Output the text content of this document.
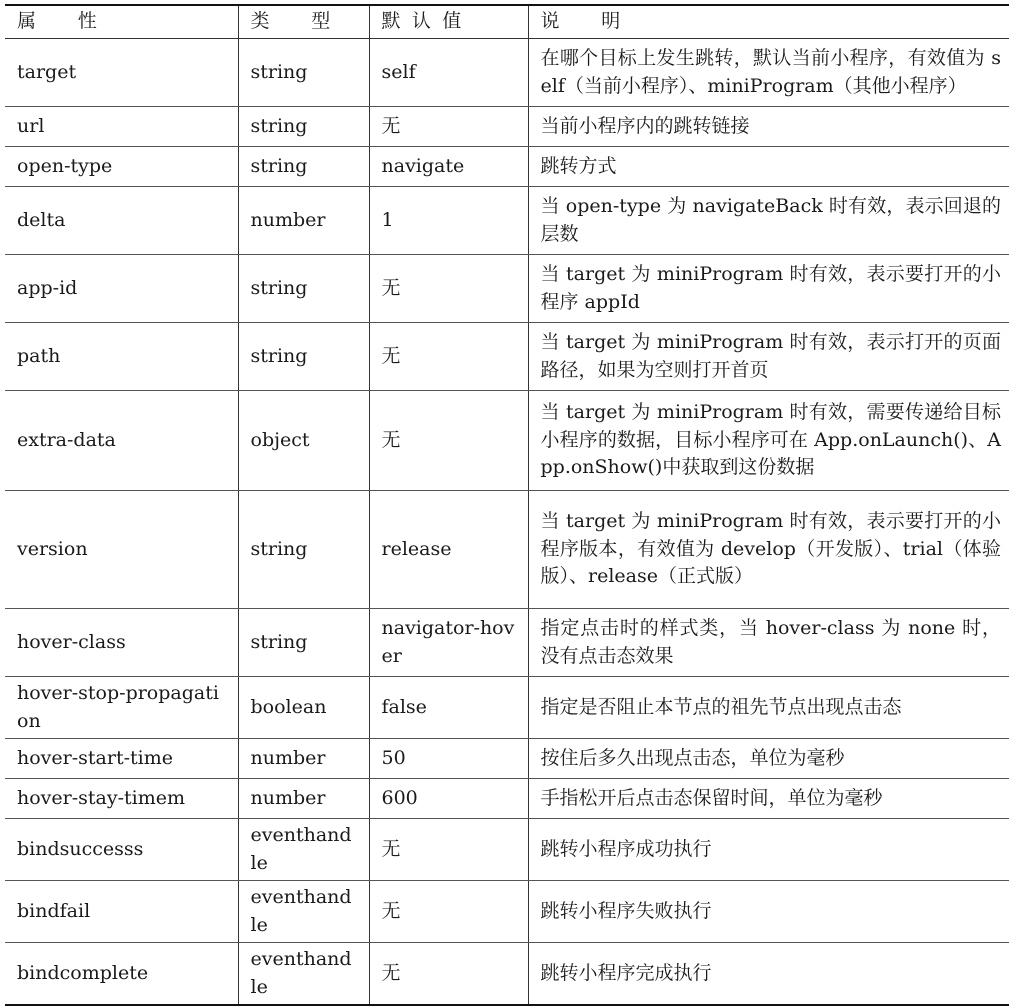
属　性	类　型	默认值	说　明
target	string	self	在哪个目标上发生跳转，默认当前小程序，有效值为 self（当前小程序）、miniProgram（其他小程序）
url	string	无	当前小程序内的跳转链接
open-type	string	navigate	跳转方式
delta	number	1	当 open-type 为 navigateBack 时有效，表示回退的层数
app-id	string	无	当 target 为 miniProgram 时有效，表示要打开的小程序 appId
path	string	无	当 target 为 miniProgram 时有效，表示打开的页面路径，如果为空则打开首页
extra-data	object	无	当 target 为 miniProgram 时有效，需要传递给目标小程序的数据，目标小程序可在 App.onLaunch()、App.onShow()中获取到这份数据
version	string	release	当 target 为 miniProgram 时有效，表示要打开的小程序版本，有效值为 develop（开发版）、trial（体验版）、release（正式版）
hover-class	string	navigator-hover	指定点击时的样式类，当 hover-class 为 none 时，没有点击态效果
hover-stop-propagation	boolean	false	指定是否阻止本节点的祖先节点出现点击态
hover-start-time	number	50	按住后多久出现点击态，单位为毫秒
hover-stay-timem	number	600	手指松开后点击态保留时间，单位为毫秒
bindsuccesss	eventhandle	无	跳转小程序成功执行
bindfail	eventhandle	无	跳转小程序失败执行
bindcomplete	eventhandle	无	跳转小程序完成执行
